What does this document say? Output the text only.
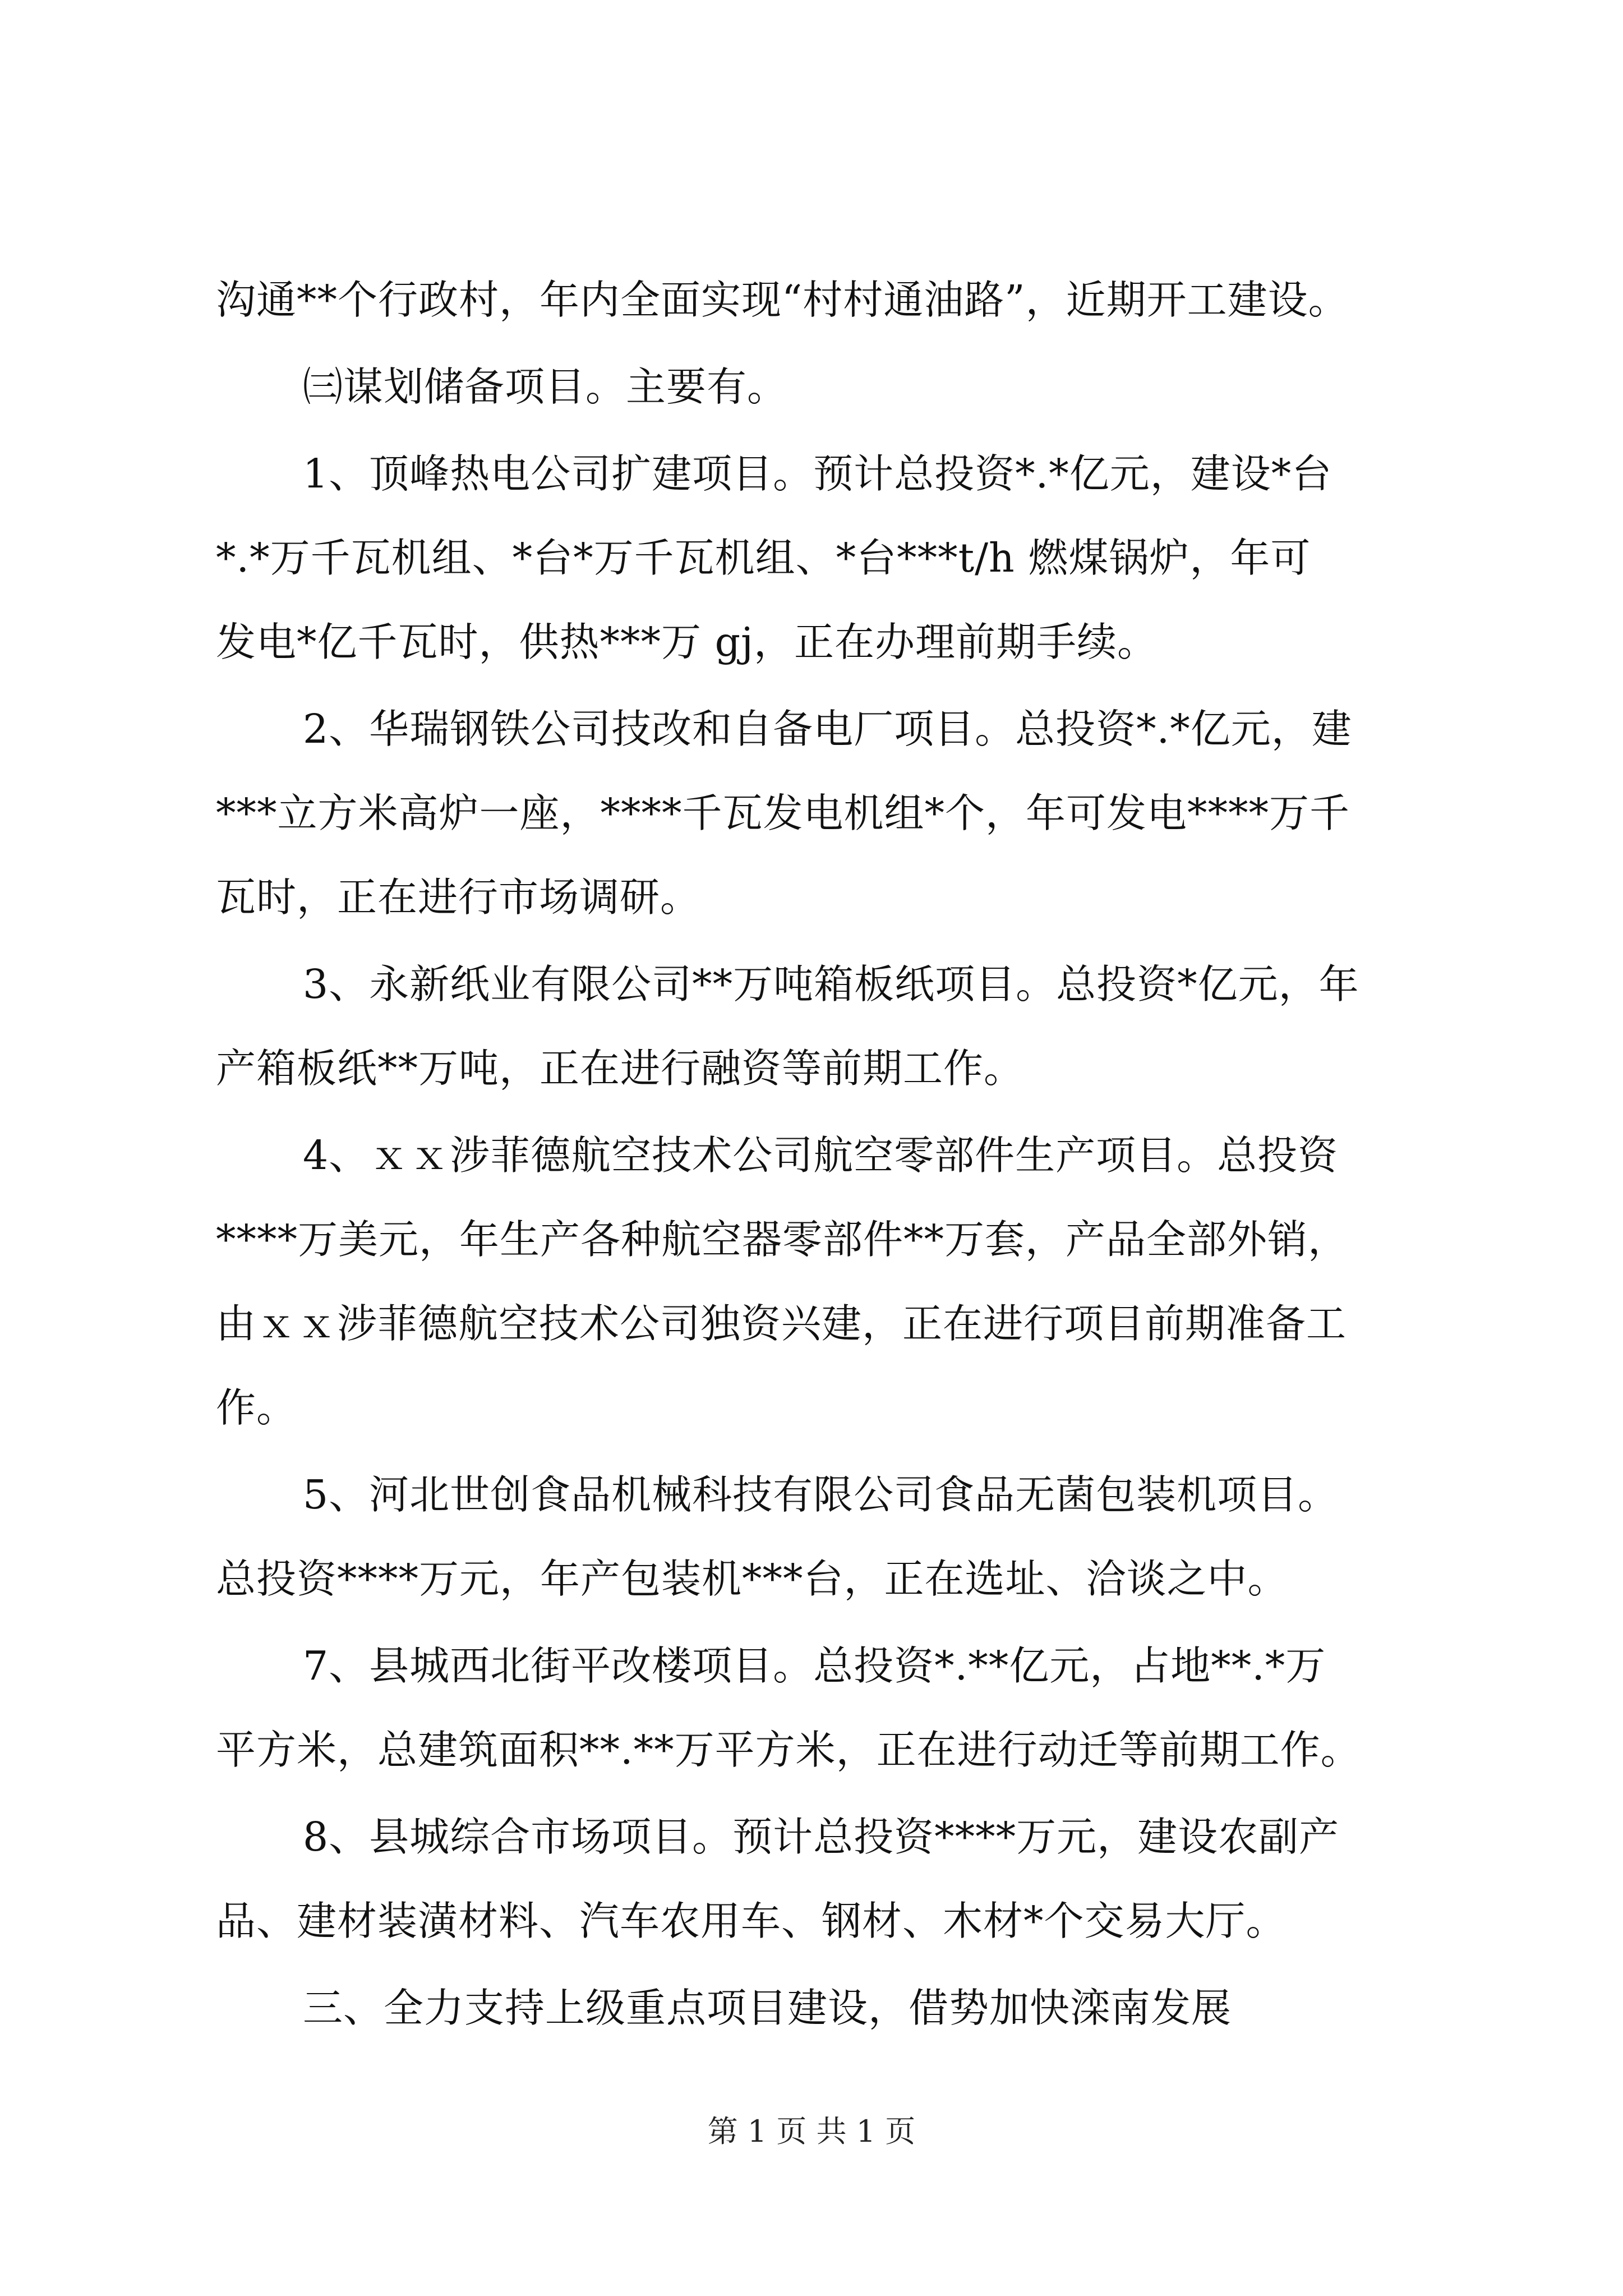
沟通**个行政村，年内全面实现“村村通油路”，近期开工建设。
㈢谋划储备项目。主要有。
1、顶峰热电公司扩建项目。预计总投资*.*亿元，建设*台
*.*万千瓦机组、*台*万千瓦机组、*台***t/h 燃煤锅炉，年可
发电*亿千瓦时，供热***万 gj，正在办理前期手续。
2、华瑞钢铁公司技改和自备电厂项目。总投资*.*亿元，建
***立方米高炉一座，****千瓦发电机组*个，年可发电****万千
瓦时，正在进行市场调研。
3、永新纸业有限公司**万吨箱板纸项目。总投资*亿元，年
产箱板纸**万吨，正在进行融资等前期工作。
4、ｘｘ涉菲德航空技术公司航空零部件生产项目。总投资
****万美元，年生产各种航空器零部件**万套，产品全部外销，
由ｘｘ涉菲德航空技术公司独资兴建，正在进行项目前期准备工
作。
5、河北世创食品机械科技有限公司食品无菌包装机项目。
总投资****万元，年产包装机***台，正在选址、洽谈之中。
7、县城西北街平改楼项目。总投资*.**亿元，占地**.*万
平方米，总建筑面积**.**万平方米，正在进行动迁等前期工作。
8、县城综合市场项目。预计总投资****万元，建设农副产
品、建材装潢材料、汽车农用车、钢材、木材*个交易大厅。
三、全力支持上级重点项目建设，借势加快滦南发展
第 1 页 共 1 页
